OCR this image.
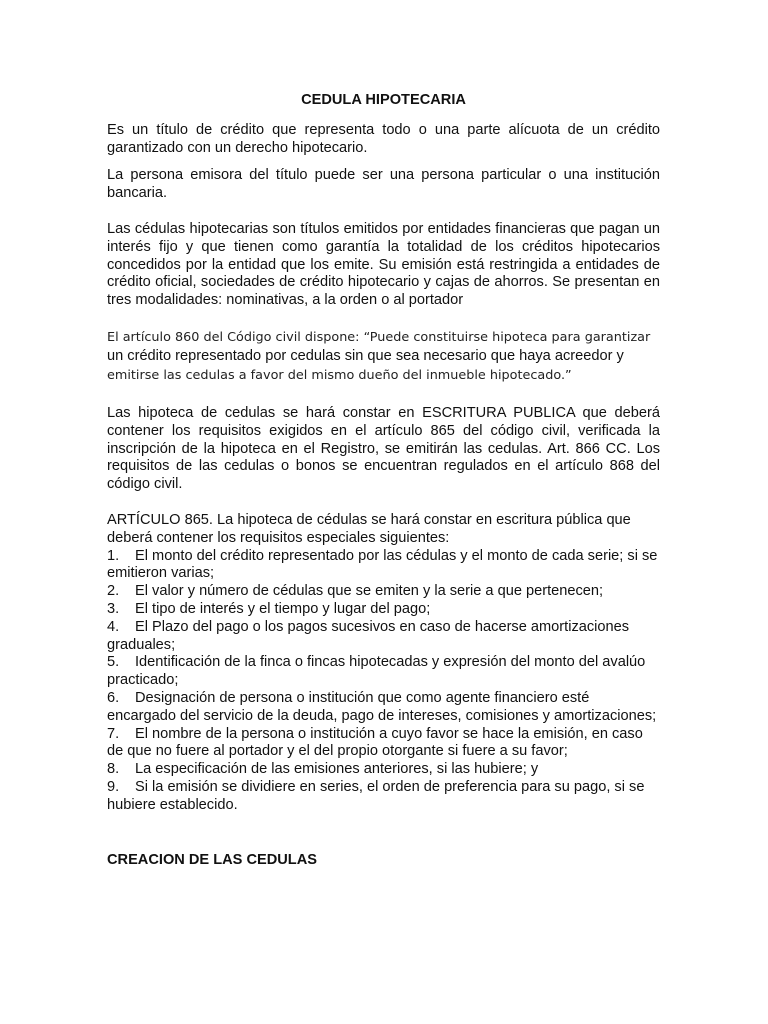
CEDULA HIPOTECARIA

Es un título de crédito que representa todo o una parte alícuota de un crédito garantizado con un derecho hipotecario.

La persona emisora del título puede ser una persona particular o una institución bancaria.

Las cédulas hipotecarias son títulos emitidos por entidades financieras que pagan un interés fijo y que tienen como garantía la totalidad de los créditos hipotecarios concedidos por la entidad que los emite. Su emisión está restringida a entidades de crédito oficial, sociedades de crédito hipotecario y cajas de ahorros. Se presentan en tres modalidades: nominativas, a la orden o al portador

El artículo 860 del Código civil dispone: “Puede constituirse hipoteca para garantizar
un crédito representado por cedulas sin que sea necesario que haya acreedor y
emitirse las cedulas a favor del mismo dueño del inmueble hipotecado.”

Las hipoteca de cedulas se hará constar en ESCRITURA PUBLICA que deberá contener los requisitos exigidos en el artículo 865 del código civil, verificada la inscripción de la hipoteca en el Registro, se emitirán las cedulas. Art. 866 CC. Los requisitos de las cedulas o bonos se encuentran regulados en el artículo 868 del código civil.

ARTÍCULO 865. La hipoteca de cédulas se hará constar en escritura pública que deberá contener los requisitos especiales siguientes:

1. El monto del crédito representado por las cédulas y el monto de cada serie; si se emitieron varias;
2. El valor y número de cédulas que se emiten y la serie a que pertenecen;
3. El tipo de interés y el tiempo y lugar del pago;
4. El Plazo del pago o los pagos sucesivos en caso de hacerse amortizaciones graduales;
5. Identificación de la finca o fincas hipotecadas y expresión del monto del avalúo practicado;
6. Designación de persona o institución que como agente financiero esté encargado del servicio de la deuda, pago de intereses, comisiones y amortizaciones;
7. El nombre de la persona o institución a cuyo favor se hace la emisión, en caso de que no fuere al portador y el del propio otorgante si fuere a su favor;
8. La especificación de las emisiones anteriores, si las hubiere; y
9. Si la emisión se dividiere en series, el orden de preferencia para su pago, si se hubiere establecido.

CREACION DE LAS CEDULAS
